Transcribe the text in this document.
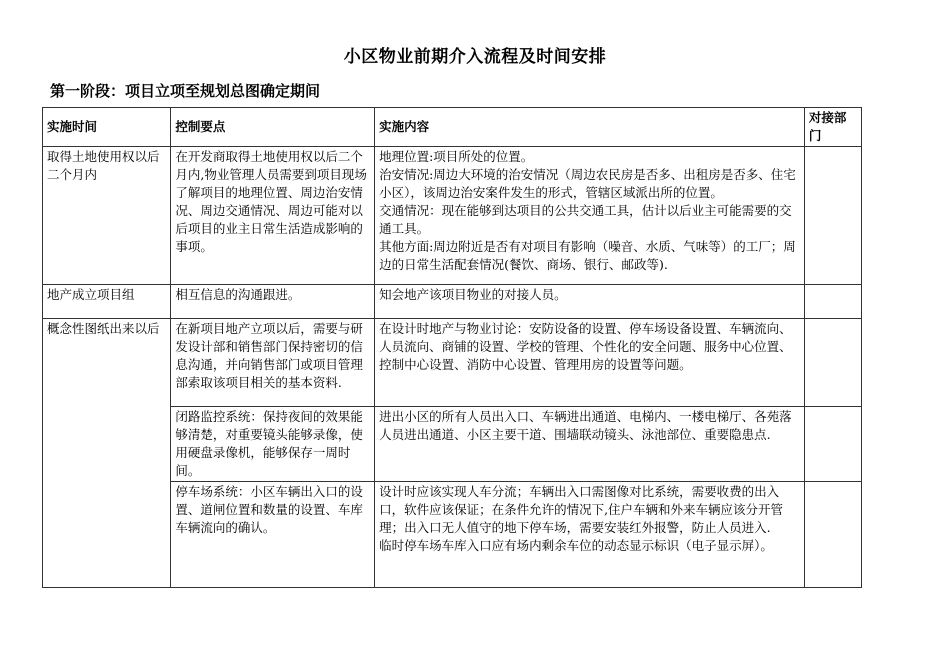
小区物业前期介入流程及时间安排
第一阶段：项目立项至规划总图确定期间
实施时间	控制要点	实施内容	对接部门
取得土地使用权以后二个月内	在开发商取得土地使用权以后二个月内,物业管理人员需要到项目现场了解项目的地理位置、周边治安情况、周边交通情况、周边可能对以后项目的业主日常生活造成影响的事项。	地理位置:项目所处的位置。
治安情况:周边大环境的治安情况（周边农民房是否多、出租房是否多、住宅小区），该周边治安案件发生的形式，管辖区域派出所的位置。
交通情况：现在能够到达项目的公共交通工具，估计以后业主可能需要的交通工具。
其他方面:周边附近是否有对项目有影响（噪音、水质、气味等）的工厂；周边的日常生活配套情况(餐饮、商场、银行、邮政等).	
地产成立项目组	相互信息的沟通跟进。	知会地产该项目物业的对接人员。	
概念性图纸出来以后	在新项目地产立项以后，需要与研发设计部和销售部门保持密切的信息沟通，并向销售部门或项目管理部索取该项目相关的基本资料.	在设计时地产与物业讨论：安防设备的设置、停车场设备设置、车辆流向、人员流向、商铺的设置、学校的管理、个性化的安全问题、服务中心位置、控制中心设置、消防中心设置、管理用房的设置等问题。	
	闭路监控系统：保持夜间的效果能够清楚，对重要镜头能够录像，使用硬盘录像机，能够保存一周时间。	进出小区的所有人员出入口、车辆进出通道、电梯内、一楼电梯厅、各苑落人员进出通道、小区主要干道、围墙联动镜头、泳池部位、重要隐患点.	
	停车场系统：小区车辆出入口的设置、道闸位置和数量的设置、车库车辆流向的确认。	设计时应该实现人车分流；车辆出入口需图像对比系统，需要收费的出入口，软件应该保证；在条件允许的情况下,住户车辆和外来车辆应该分开管理；出入口无人值守的地下停车场，需要安装红外报警，防止人员进入.
临时停车场车库入口应有场内剩余车位的动态显示标识（电子显示屏）。	
